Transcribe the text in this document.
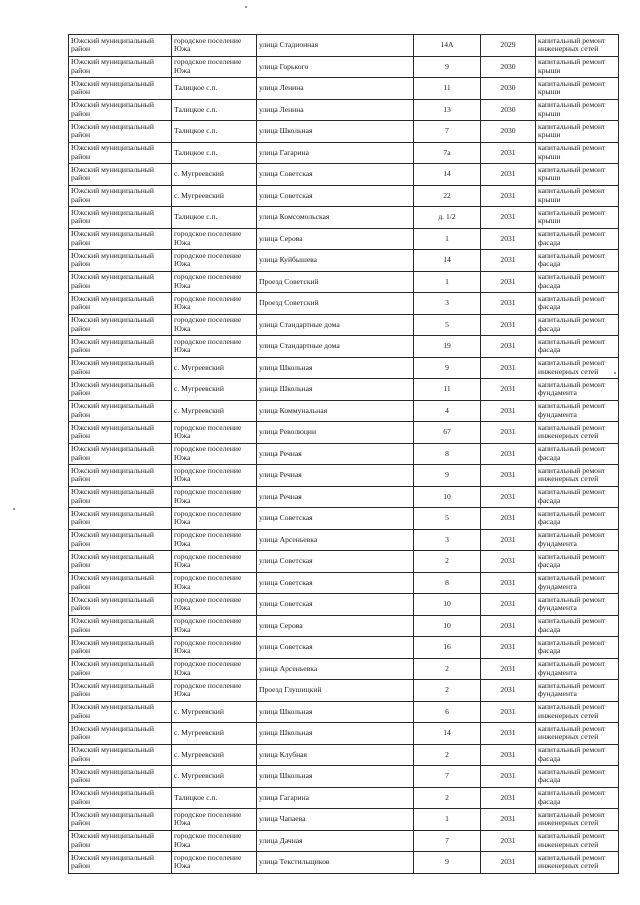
Южский муниципальный район	городское поселение Южа	улица Стадионная	14А	2029	капитальный ремонт инженерных сетей
Южский муниципальный район	городское поселение Южа	улица Горького	9	2030	капитальный ремонт крыши
Южский муниципальный район	Талицкое с.п.	улица Ленина	11	2030	капитальный ремонт крыши
Южский муниципальный район	Талицкое с.п.	улица Ленина	13	2030	капитальный ремонт крыши
Южский муниципальный район	Талицкое с.п.	улица Школьная	7	2030	капитальный ремонт крыши
Южский муниципальный район	Талицкое с.п.	улица Гагарина	7а	2031	капитальный ремонт крыши
Южский муниципальный район	с. Мугреевский	улица Советская	14	2031	капитальный ремонт крыши
Южский муниципальный район	с. Мугреевский	улица Советская	22	2031	капитальный ремонт крыши
Южский муниципальный район	Талицкое с.п.	улица Комсомольская	д. 1/2	2031	капитальный ремонт крыши
Южский муниципальный район	городское поселение Южа	улица Серова	1	2031	капитальный ремонт фасада
Южский муниципальный район	городское поселение Южа	улица Куйбышева	14	2031	капитальный ремонт фасада
Южский муниципальный район	городское поселение Южа	Проезд Советский	1	2031	капитальный ремонт фасада
Южский муниципальный район	городское поселение Южа	Проезд Советский	3	2031	капитальный ремонт фасада
Южский муниципальный район	городское поселение Южа	улица Стандартные дома	5	2031	капитальный ремонт фасада
Южский муниципальный район	городское поселение Южа	улица Стандартные дома	19	2031	капитальный ремонт фасада
Южский муниципальный район	с. Мугреевский	улица Школьная	9	2031	капитальный ремонт инженерных сетей
Южский муниципальный район	с. Мугреевский	улица Школьная	11	2031	капитальный ремонт фундамента
Южский муниципальный район	с. Мугреевский	улица Коммунальная	4	2031	капитальный ремонт фундамента
Южский муниципальный район	городское поселение Южа	улица Революции	67	2031	капитальный ремонт инженерных сетей
Южский муниципальный район	городское поселение Южа	улица Речная	8	2031	капитальный ремонт фасада
Южский муниципальный район	городское поселение Южа	улица Речная	9	2031	капитальный ремонт инженерных сетей
Южский муниципальный район	городское поселение Южа	улица Речная	10	2031	капитальный ремонт фасада
Южский муниципальный район	городское поселение Южа	улица Советская	5	2031	капитальный ремонт фасада
Южский муниципальный район	городское поселение Южа	улица Арсеньевка	3	2031	капитальный ремонт фундамента
Южский муниципальный район	городское поселение Южа	улица Советская	2	2031	капитальный ремонт фасада
Южский муниципальный район	городское поселение Южа	улица Советская	8	2031	капитальный ремонт фундамента
Южский муниципальный район	городское поселение Южа	улица Советская	10	2031	капитальный ремонт фундамента
Южский муниципальный район	городское поселение Южа	улица Серова	10	2031	капитальный ремонт фасада
Южский муниципальный район	городское поселение Южа	улица Советская	16	2031	капитальный ремонт фасада
Южский муниципальный район	городское поселение Южа	улица Арсеньевка	2	2031	капитальный ремонт фундамента
Южский муниципальный район	городское поселение Южа	Проезд Глушицкий	2	2031	капитальный ремонт фундамента
Южский муниципальный район	с. Мугреевский	улица Школьная	6	2031	капитальный ремонт инженерных сетей
Южский муниципальный район	с. Мугреевский	улица Школьная	14	2031	капитальный ремонт инженерных сетей
Южский муниципальный район	с. Мугреевский	улица Клубная	2	2031	капитальный ремонт фасада
Южский муниципальный район	с. Мугреевский	улица Школьная	7	2031	капитальный ремонт фасада
Южский муниципальный район	Талицкое с.п.	улица Гагарина	2	2031	капитальный ремонт фасада
Южский муниципальный район	городское поселение Южа	улица Чапаева	1	2031	капитальный ремонт инженерных сетей
Южский муниципальный район	городское поселение Южа	улица Дачная	7	2031	капитальный ремонт инженерных сетей
Южский муниципальный район	городское поселение Южа	улица Текстильщиков	9	2031	капитальный ремонт инженерных сетей
